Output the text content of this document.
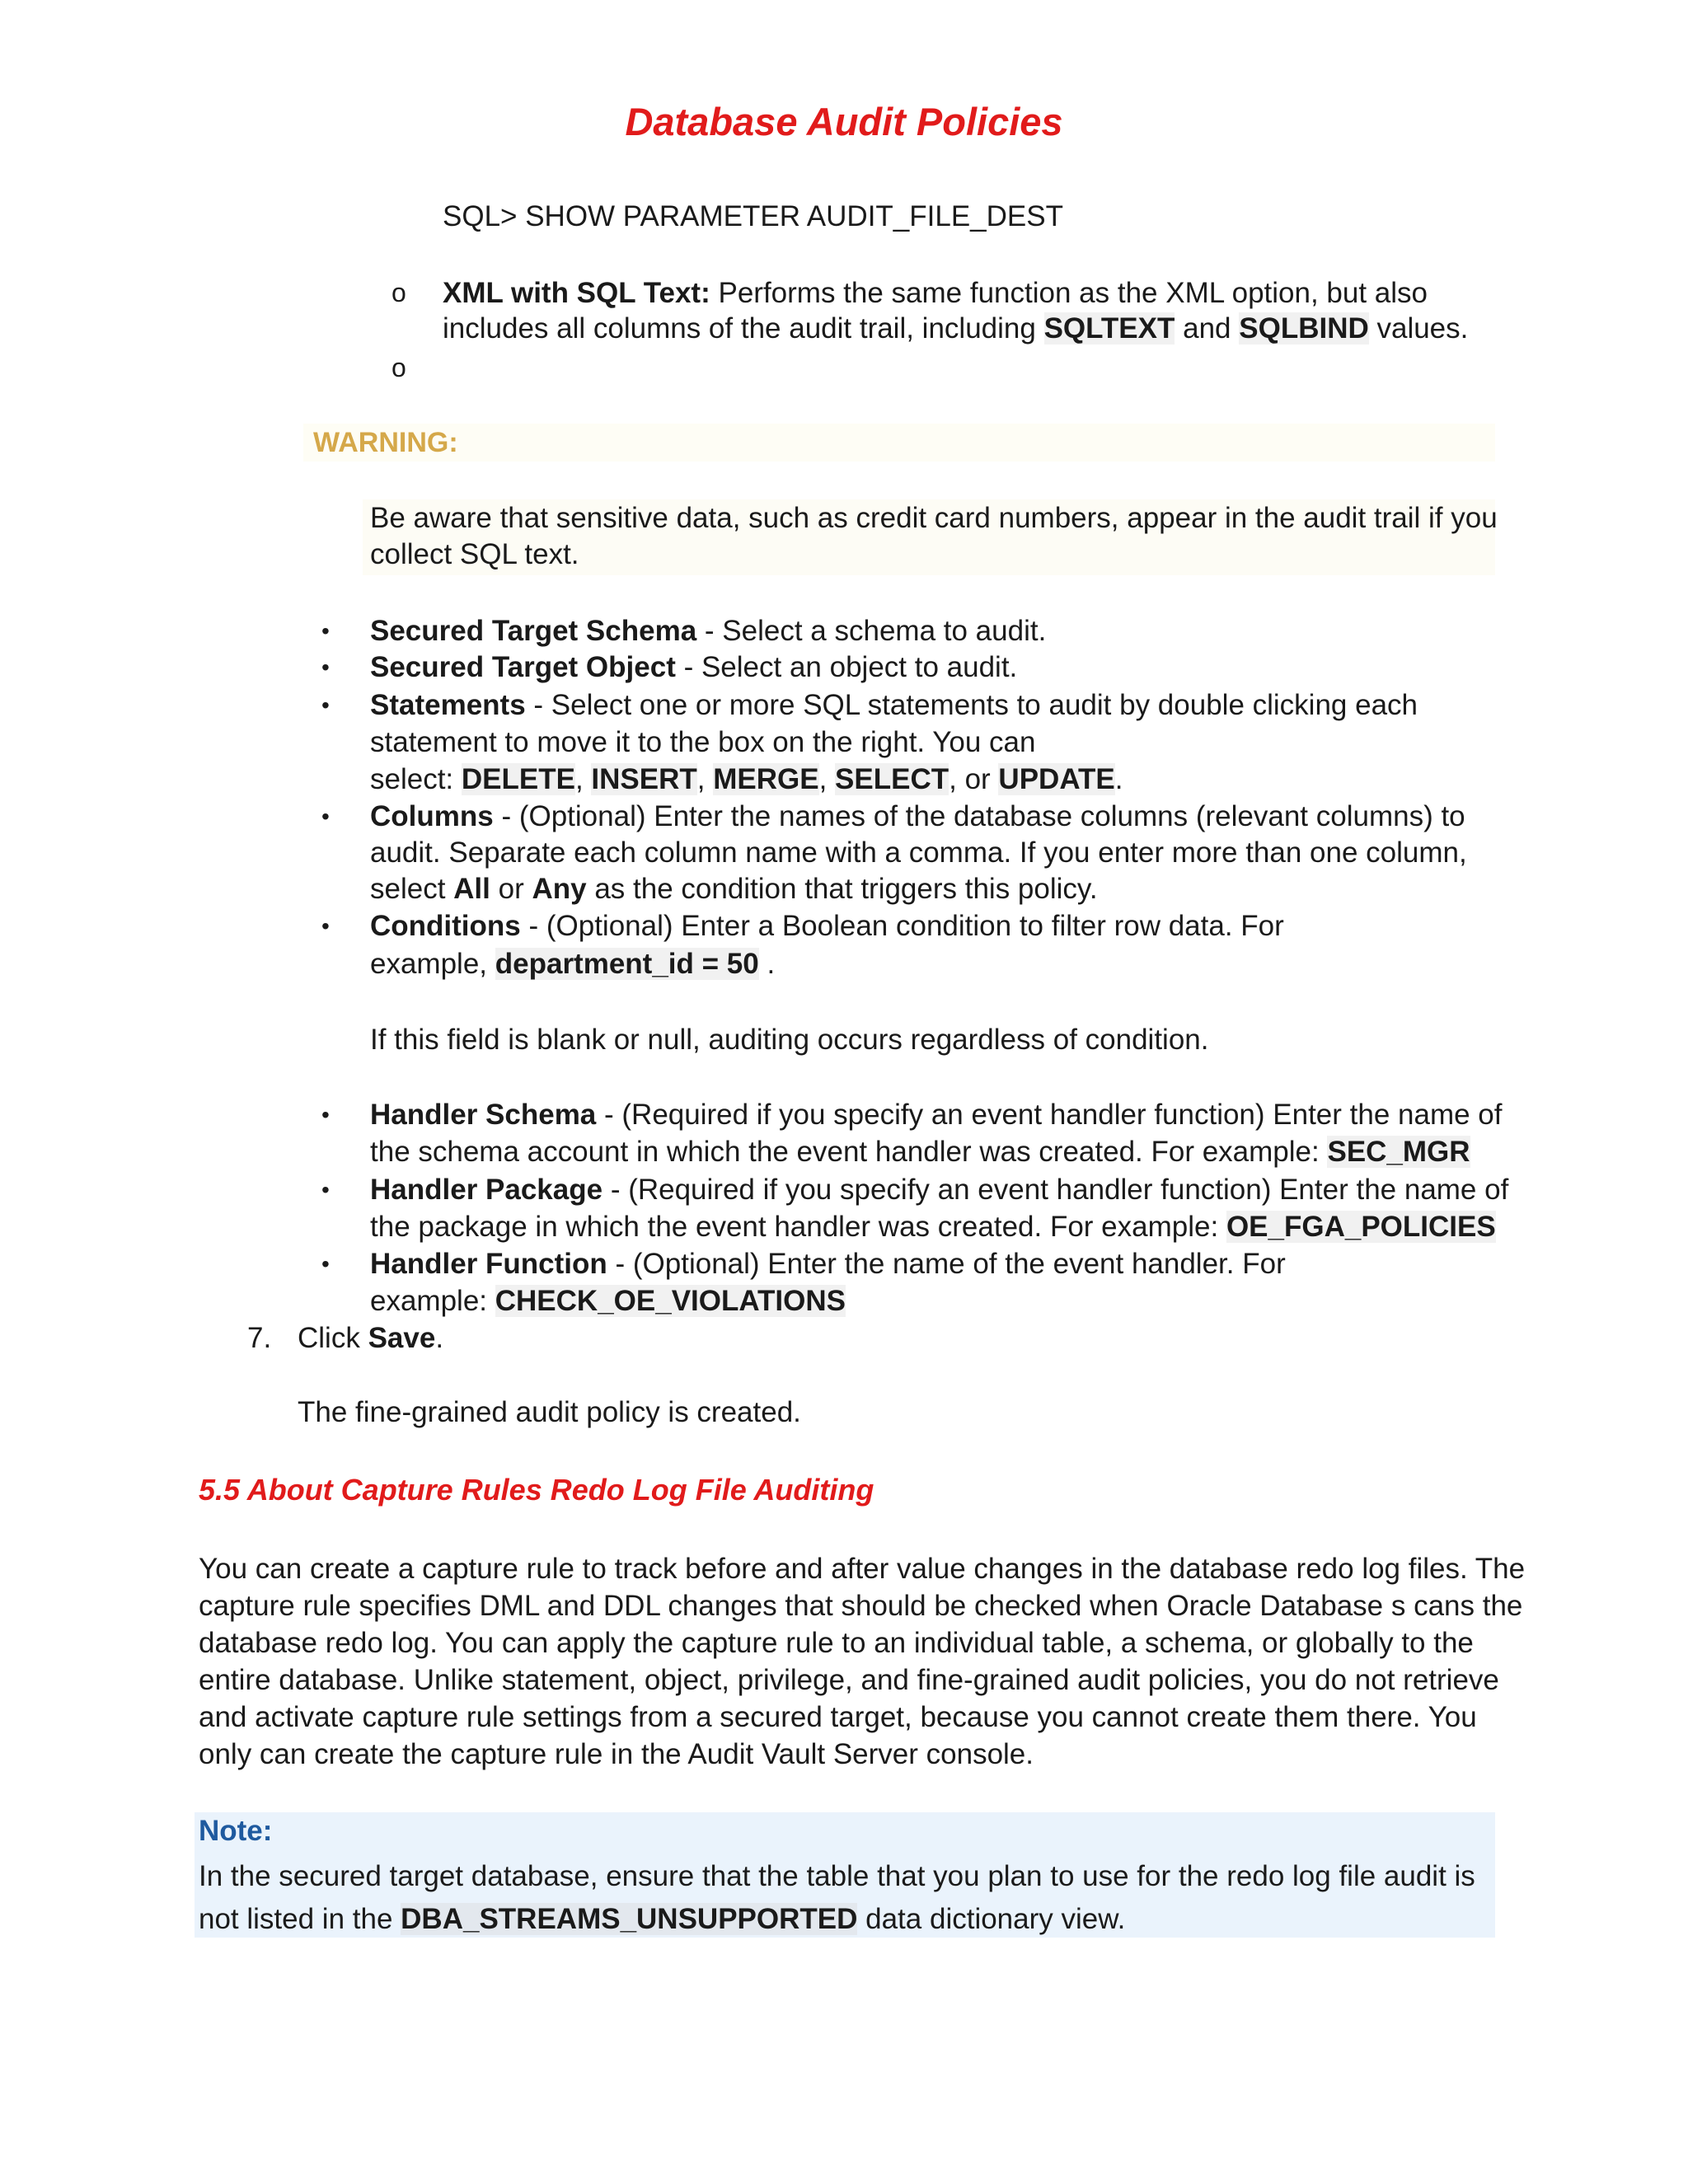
Database Audit Policies
SQL> SHOW PARAMETER AUDIT_FILE_DEST
o XML with SQL Text: Performs the same function as the XML option, but also
includes all columns of the audit trail, including SQLTEXT and SQLBIND values.
o
WARNING:
Be aware that sensitive data, such as credit card numbers, appear in the audit trail if you
collect SQL text.
• Secured Target Schema - Select a schema to audit.
• Secured Target Object - Select an object to audit.
• Statements - Select one or more SQL statements to audit by double clicking each
statement to move it to the box on the right. You can
select: DELETE, INSERT, MERGE, SELECT, or UPDATE.
• Columns - (Optional) Enter the names of the database columns (relevant columns) to
audit. Separate each column name with a comma. If you enter more than one column,
select All or Any as the condition that triggers this policy.
• Conditions - (Optional) Enter a Boolean condition to filter row data. For
example, department_id = 50 .
If this field is blank or null, auditing occurs regardless of condition.
• Handler Schema - (Required if you specify an event handler function) Enter the name of
the schema account in which the event handler was created. For example: SEC_MGR
• Handler Package - (Required if you specify an event handler function) Enter the name of
the package in which the event handler was created. For example: OE_FGA_POLICIES
• Handler Function - (Optional) Enter the name of the event handler. For
example: CHECK_OE_VIOLATIONS
7. Click Save.
The fine-grained audit policy is created.
5.5 About Capture Rules Redo Log File Auditing
You can create a capture rule to track before and after value changes in the database redo log files. The
capture rule specifies DML and DDL changes that should be checked when Oracle Database s cans the
database redo log. You can apply the capture rule to an individual table, a schema, or globally to the
entire database. Unlike statement, object, privilege, and fine-grained audit policies, you do not retrieve
and activate capture rule settings from a secured target, because you cannot create them there. You
only can create the capture rule in the Audit Vault Server console.
Note:
In the secured target database, ensure that the table that you plan to use for the redo log file audit is
not listed in the DBA_STREAMS_UNSUPPORTED data dictionary view.
